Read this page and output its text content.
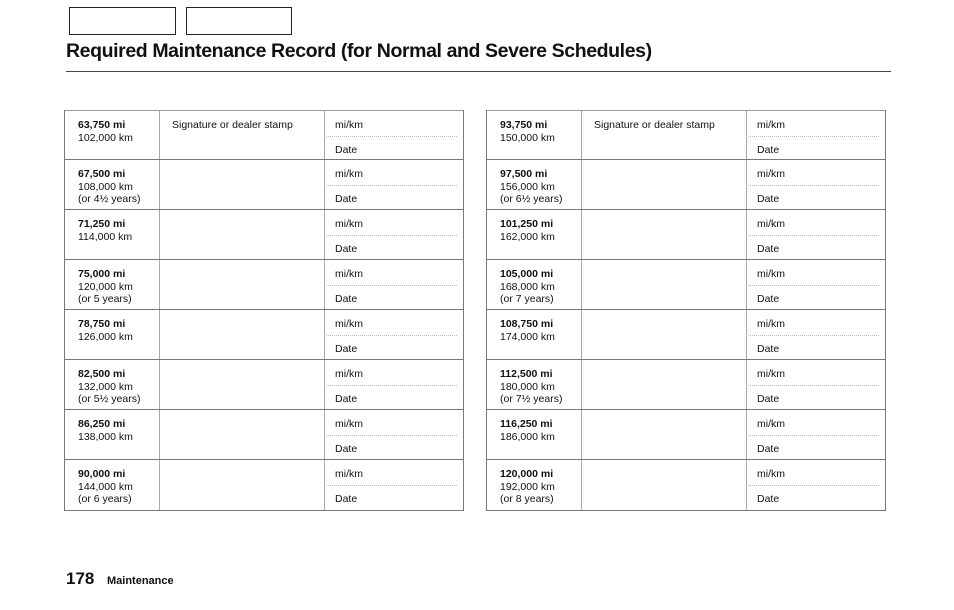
Required Maintenance Record (for Normal and Severe Schedules)
63,750 mi
102,000 km
Signature or dealer stamp	mi/km
Date
67,500 mi
108,000 km
(or 4½ years)
mi/km
Date
71,250 mi
114,000 km
mi/km
Date
75,000 mi
120,000 km
(or 5 years)
mi/km
Date
78,750 mi
126,000 km
mi/km
Date
82,500 mi
132,000 km
(or 5½ years)
mi/km
Date
86,250 mi
138,000 km
mi/km
Date
90,000 mi
144,000 km
(or 6 years)
mi/km
Date
93,750 mi
150,000 km
Signature or dealer stamp	mi/km
Date
97,500 mi
156,000 km
(or 6½ years)
mi/km
Date
101,250 mi
162,000 km
mi/km
Date
105,000 mi
168,000 km
(or 7 years)
mi/km
Date
108,750 mi
174,000 km
mi/km
Date
112,500 mi
180,000 km
(or 7½ years)
mi/km
Date
116,250 mi
186,000 km
mi/km
Date
120,000 mi
192,000 km
(or 8 years)
mi/km
Date
178 Maintenance
